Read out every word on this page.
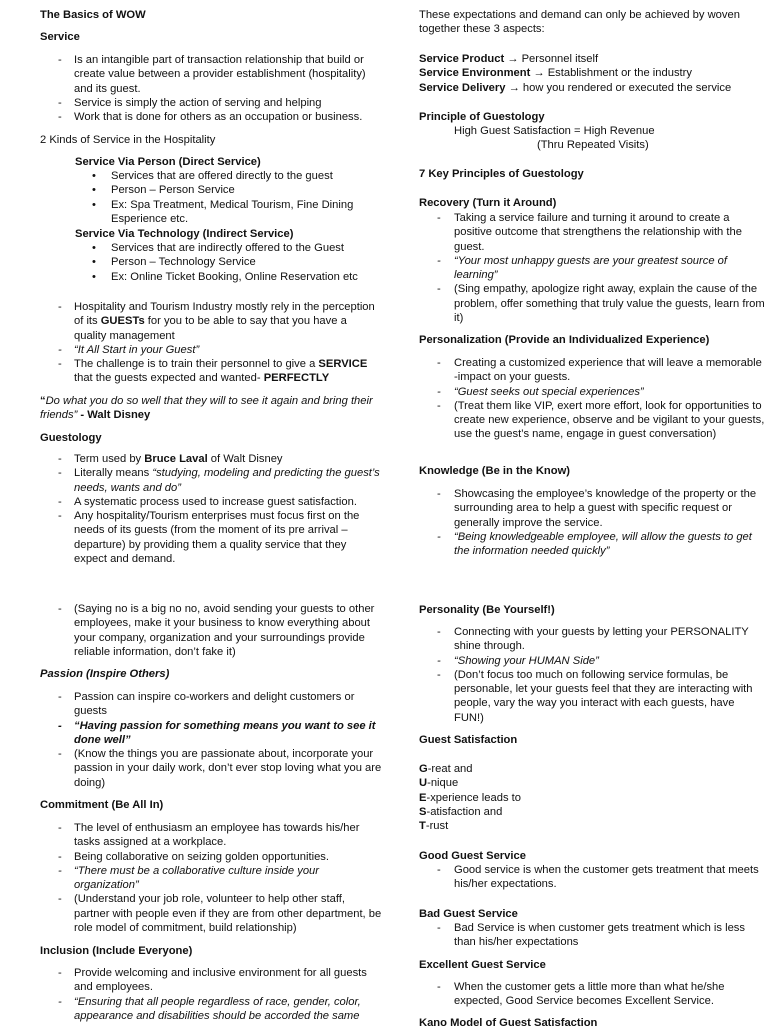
The Basics of WOW
Service
- Is an intangible part of transaction relationship that build or create value between a provider establishment (hospitality) and its guest.
- Service is simply the action of serving and helping
- Work that is done for others as an occupation or business.
2 Kinds of Service in the Hospitality
Service Via Person (Direct Service)
• Services that are offered directly to the guest
• Person – Person Service
• Ex: Spa Treatment, Medical Tourism, Fine Dining Esperience etc.
Service Via Technology (Indirect Service)
• Services that are indirectly offered to the Guest
• Person – Technology Service
• Ex: Online Ticket Booking, Online Reservation etc
- Hospitality and Tourism Industry mostly rely in the perception of its GUESTs for you to be able to say that you have a quality management
- “It All Start in your Guest”
- The challenge is to train their personnel to give a SERVICE that the guests expected and wanted- PERFECTLY
“Do what you do so well that they will to see it again and bring their friends” - Walt Disney
Guestology
- Term used by Bruce Laval of Walt Disney
- Literally means “studying, modeling and predicting the guest’s needs, wants and do”
- A systematic process used to increase guest satisfaction.
- Any hospitality/Tourism enterprises must focus first on the needs of its guests (from the moment of its pre arrival – departure) by providing them a quality service that they expect and demand.
- (Saying no is a big no no, avoid sending your guests to other employees, make it your business to know everything about your company, organization and your surroundings provide reliable information, don’t fake it)
Passion (Inspire Others)
- Passion can inspire co-workers and delight customers or guests
- “Having passion for something means you want to see it done well”
- (Know the things you are passionate about, incorporate your passion in your daily work, don’t ever stop loving what you are doing)
Commitment (Be All In)
- The level of enthusiasm an employee has towards his/her tasks assigned at a workplace.
- Being collaborative on seizing golden opportunities.
- “There must be a collaborative culture inside your organization”
- (Understand your job role, volunteer to help other staff, partner with people even if they are from other department, be role model of commitment, build relationship)
Inclusion (Include Everyone)
- Provide welcoming and inclusive environment for all guests and employees.
- “Ensuring that all people regardless of race, gender, color, appearance and disabilities should be accorded the same
These expectations and demand can only be achieved by woven together these 3 aspects:
Service Product → Personnel itself
Service Environment → Establishment or the industry
Service Delivery → how you rendered or executed the service
Principle of Guestology
High Guest Satisfaction = High Revenue
(Thru Repeated Visits)
7 Key Principles of Guestology
Recovery (Turn it Around)
- Taking a service failure and turning it around to create a positive outcome that strengthens the relationship with the guest.
- “Your most unhappy guests are your greatest source of learning”
- (Sing empathy, apologize right away, explain the cause of the problem, offer something that truly value the guests, learn from it)
Personalization (Provide an Individualized Experience)
- Creating a customized experience that will leave a memorable -impact on your guests.
- “Guest seeks out special experiences”
- (Treat them like VIP, exert more effort, look for opportunities to create new experience, observe and be vigilant to your guests, use the guest’s name, engage in guest conversation)
Knowledge (Be in the Know)
- Showcasing the employee’s knowledge of the property or the surrounding area to help a guest with specific request or generally improve the service.
- “Being knowledgeable employee, will allow the guests to get the information needed quickly”
Personality (Be Yourself!)
- Connecting with your guests by letting your PERSONALITY shine through.
- “Showing your HUMAN Side”
- (Don’t focus too much on following service formulas, be personable, let your guests feel that they are interacting with people, vary the way you interact with each guests, have FUN!)
Guest Satisfaction
G-reat and
U-nique
E-xperience leads to
S-atisfaction and
T-rust
Good Guest Service
- Good service is when the customer gets treatment that meets his/her expectations.
Bad Guest Service
- Bad Service is when customer gets treatment which is less than his/her expectations
Excellent Guest Service
- When the customer gets a little more than what he/she expected, Good Service becomes Excellent Service.
Kano Model of Guest Satisfaction
